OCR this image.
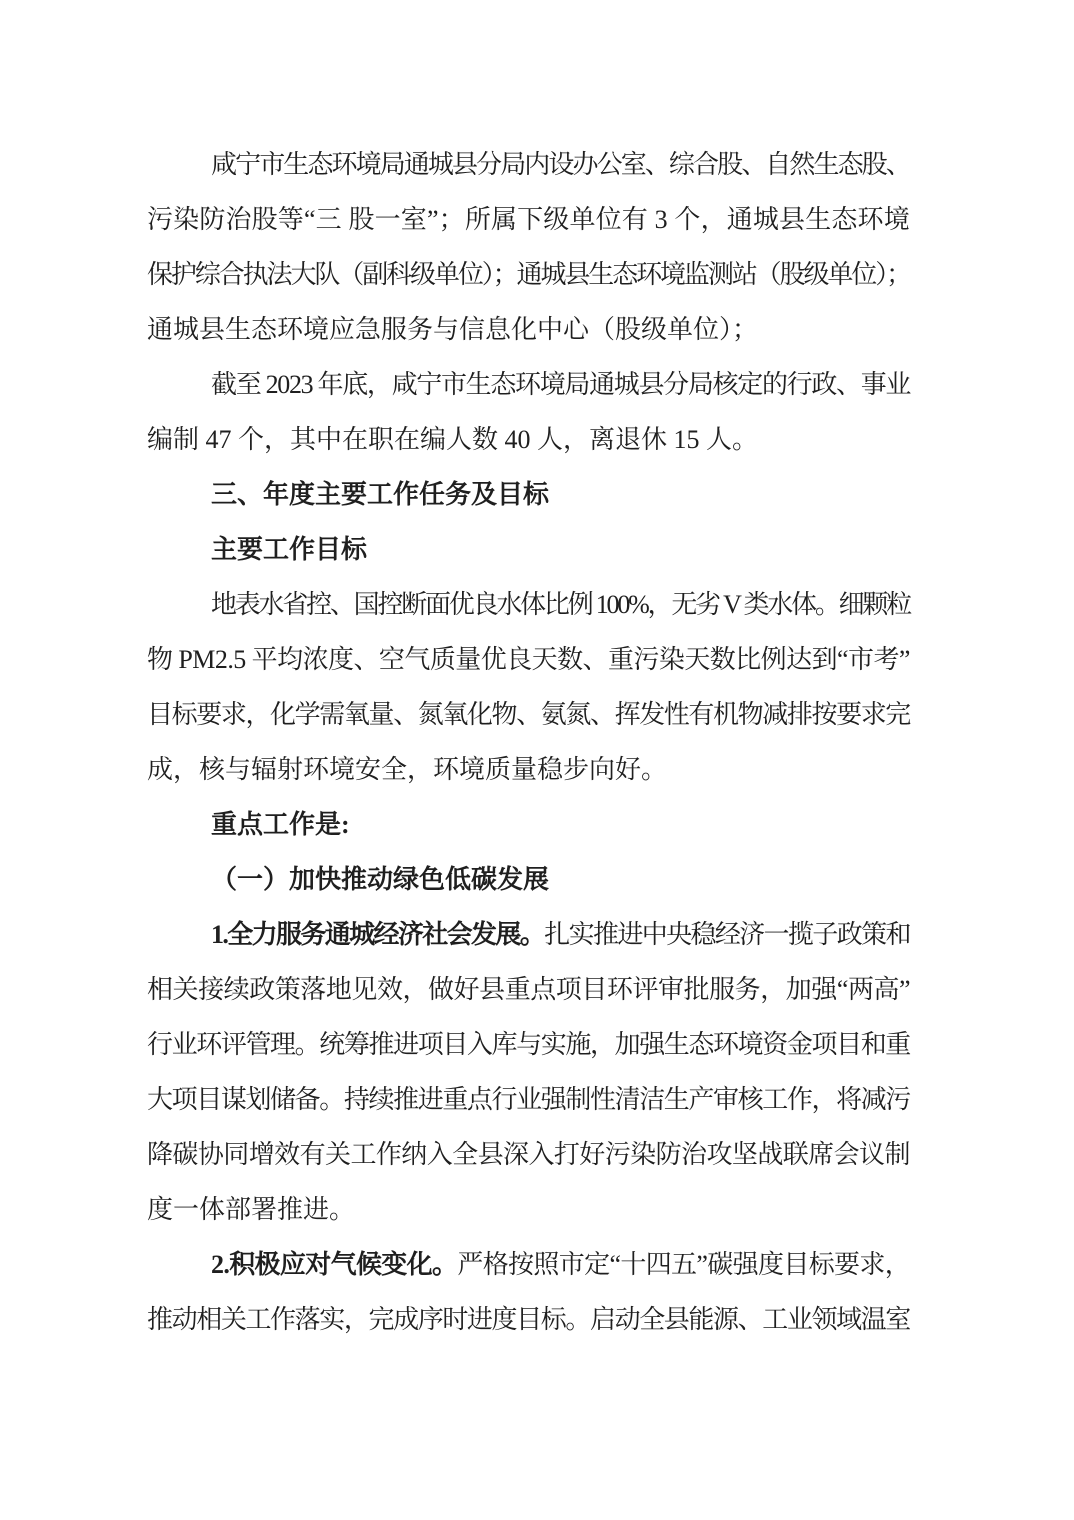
咸宁市生态环境局通城县分局内设办公室、综合股、自然生态股、
污染防治股等“三 股一室”；所属下级单位有 3 个，通城县生态环境
保护综合执法大队（副科级单位）；通城县生态环境监测站（股级单位）；
通城县生态环境应急服务与信息化中心（股级单位）；
截至 2023 年底，咸宁市生态环境局通城县分局核定的行政、事业
编制 47 个，其中在职在编人数 40 人，离退休 15 人。
三、年度主要工作任务及目标
主要工作目标
地表水省控、国控断面优良水体比例 100%，无劣 V 类水体。细颗粒
物 PM2.5 平均浓度、空气质量优良天数、重污染天数比例达到“市考”
目标要求，化学需氧量、氮氧化物、氨氮、挥发性有机物减排按要求完
成，核与辐射环境安全，环境质量稳步向好。
重点工作是:
（一）加快推动绿色低碳发展
1.全力服务通城经济社会发展。扎实推进中央稳经济一揽子政策和
相关接续政策落地见效，做好县重点项目环评审批服务，加强“两高”
行业环评管理。统筹推进项目入库与实施，加强生态环境资金项目和重
大项目谋划储备。持续推进重点行业强制性清洁生产审核工作，将减污
降碳协同增效有关工作纳入全县深入打好污染防治攻坚战联席会议制
度一体部署推进。
2.积极应对气候变化。严格按照市定“十四五”碳强度目标要求，
推动相关工作落实，完成序时进度目标。启动全县能源、工业领域温室
